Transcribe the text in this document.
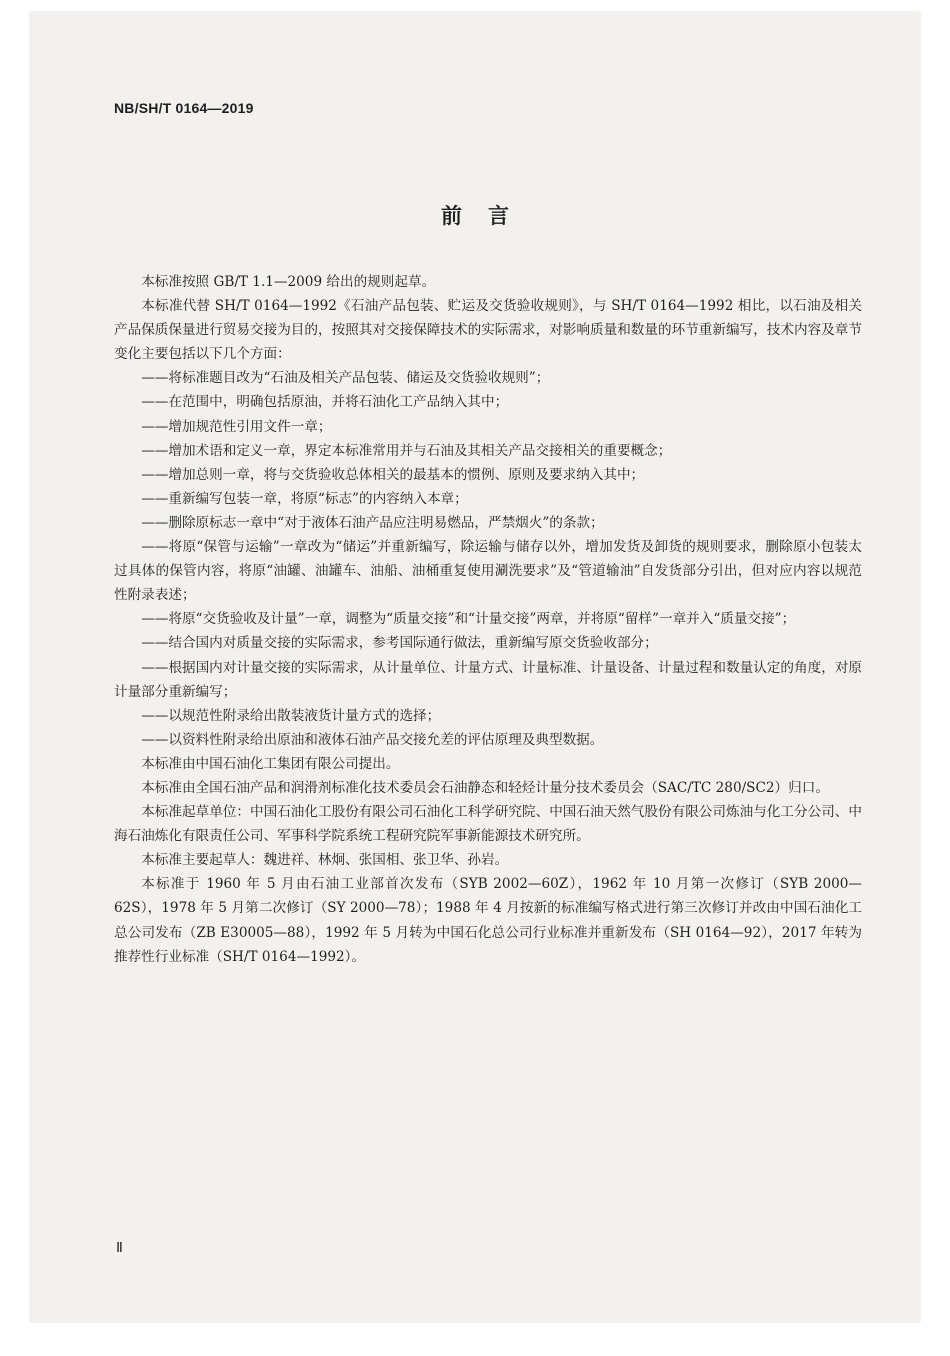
NB/SH/T 0164—2019
前言

本标准按照 GB/T 1.1—2009 给出的规则起草。

本标准代替 SH/T 0164—1992《石油产品包装、贮运及交货验收规则》，与 SH/T 0164—1992 相比，以石油及相关产品保质保量进行贸易交接为目的，按照其对交接保障技术的实际需求，对影响质量和数量的环节重新编写，技术内容及章节变化主要包括以下几个方面：

——将标准题目改为“石油及相关产品包装、储运及交货验收规则”；

——在范围中，明确包括原油，并将石油化工产品纳入其中；

——增加规范性引用文件一章；

——增加术语和定义一章，界定本标准常用并与石油及其相关产品交接相关的重要概念；

——增加总则一章，将与交货验收总体相关的最基本的惯例、原则及要求纳入其中；

——重新编写包装一章，将原“标志”的内容纳入本章；

——删除原标志一章中“对于液体石油产品应注明易燃品，严禁烟火”的条款；

——将原“保管与运输”一章改为“储运”并重新编写，除运输与储存以外，增加发货及卸货的规则要求，删除原小包装太过具体的保管内容，将原“油罐、油罐车、油船、油桶重复使用涮洗要求”及“管道输油”自发货部分引出，但对应内容以规范性附录表述；

——将原“交货验收及计量”一章，调整为“质量交接”和“计量交接”两章，并将原“留样”一章并入“质量交接”；

——结合国内对质量交接的实际需求，参考国际通行做法，重新编写原交货验收部分；

——根据国内对计量交接的实际需求，从计量单位、计量方式、计量标准、计量设备、计量过程和数量认定的角度，对原计量部分重新编写；

——以规范性附录给出散装液货计量方式的选择；

——以资料性附录给出原油和液体石油产品交接允差的评估原理及典型数据。

本标准由中国石油化工集团有限公司提出。

本标准由全国石油产品和润滑剂标准化技术委员会石油静态和轻烃计量分技术委员会（SAC/TC 280/SC2）归口。

本标准起草单位：中国石油化工股份有限公司石油化工科学研究院、中国石油天然气股份有限公司炼油与化工分公司、中海石油炼化有限责任公司、军事科学院系统工程研究院军事新能源技术研究所。

本标准主要起草人：魏进祥、林炯、张国相、张卫华、孙岩。

本标准于 1960 年 5 月由石油工业部首次发布（SYB 2002—60Z），1962 年 10 月第一次修订（SYB 2000—62S），1978 年 5 月第二次修订（SY 2000—78）；1988 年 4 月按新的标准编写格式进行第三次修订并改由中国石油化工总公司发布（ZB E30005—88），1992 年 5 月转为中国石化总公司行业标准并重新发布（SH 0164—92），2017 年转为推荐性行业标准（SH/T 0164—1992）。

Ⅱ
